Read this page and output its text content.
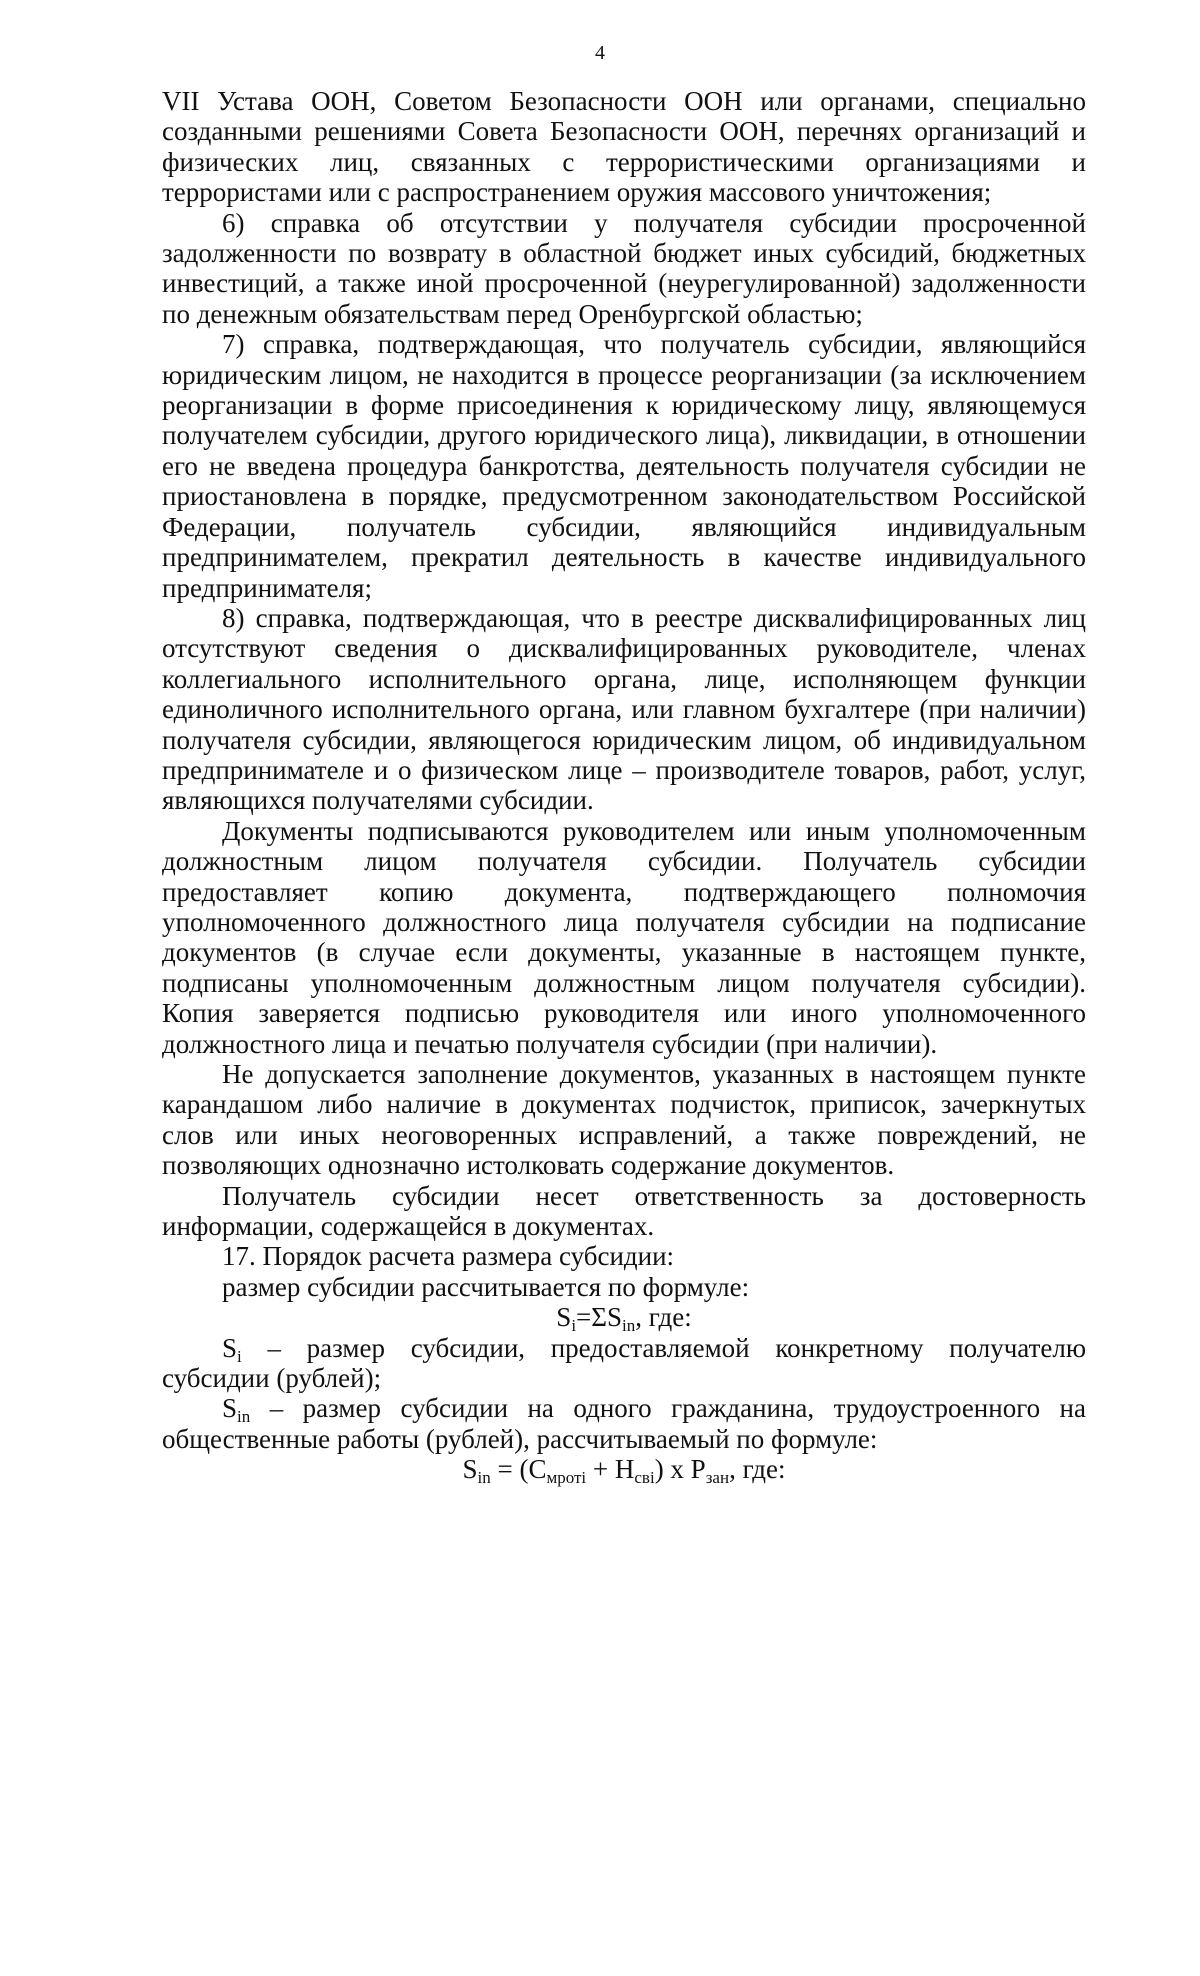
4

VII Устава ООН, Советом Безопасности ООН или органами, специально созданными решениями Совета Безопасности ООН, перечнях организаций и физических лиц, связанных с террористическими организациями и террористами или с распространением оружия массового уничтожения;

6) справка об отсутствии у получателя субсидии просроченной задолженности по возврату в областной бюджет иных субсидий, бюджетных инвестиций, а также иной просроченной (неурегулированной) задолженности по денежным обязательствам перед Оренбургской областью;

7) справка, подтверждающая, что получатель субсидии, являющийся юридическим лицом, не находится в процессе реорганизации (за исключением реорганизации в форме присоединения к юридическому лицу, являющемуся получателем субсидии, другого юридического лица), ликвидации, в отношении его не введена процедура банкротства, деятельность получателя субсидии не приостановлена в порядке, предусмотренном законодательством Российской Федерации, получатель субсидии, являющийся индивидуальным предпринимателем, прекратил деятельность в качестве индивидуального предпринимателя;

8) справка, подтверждающая, что в реестре дисквалифицированных лиц отсутствуют сведения о дисквалифицированных руководителе, членах коллегиального исполнительного органа, лице, исполняющем функции единоличного исполнительного органа, или главном бухгалтере (при наличии) получателя субсидии, являющегося юридическим лицом, об индивидуальном предпринимателе и о физическом лице – производителе товаров, работ, услуг, являющихся получателями субсидии.

Документы подписываются руководителем или иным уполномоченным должностным лицом получателя субсидии. Получатель субсидии предоставляет копию документа, подтверждающего полномочия уполномоченного должностного лица получателя субсидии на подписание документов (в случае если документы, указанные в настоящем пункте, подписаны уполномоченным должностным лицом получателя субсидии). Копия заверяется подписью руководителя или иного уполномоченного должностного лица и печатью получателя субсидии (при наличии).

Не допускается заполнение документов, указанных в настоящем пункте карандашом либо наличие в документах подчисток, приписок, зачеркнутых слов или иных неоговоренных исправлений, а также повреждений, не позволяющих однозначно истолковать содержание документов.

Получатель субсидии несет ответственность за достоверность информации, содержащейся в документах.

17. Порядок расчета размера субсидии:

размер субсидии рассчитывается по формуле:

$S_i=\Sigma S_{in}$, где:

$S_i$ – размер субсидии, предоставляемой конкретному получателю субсидии (рублей);

$S_{in}$ – размер субсидии на одного гражданина, трудоустроенного на общественные работы (рублей), рассчитываемый по формуле:

$S_{in} = (С_{мротi} + Н_{свi})$ х $Р_{зан}$, где:
